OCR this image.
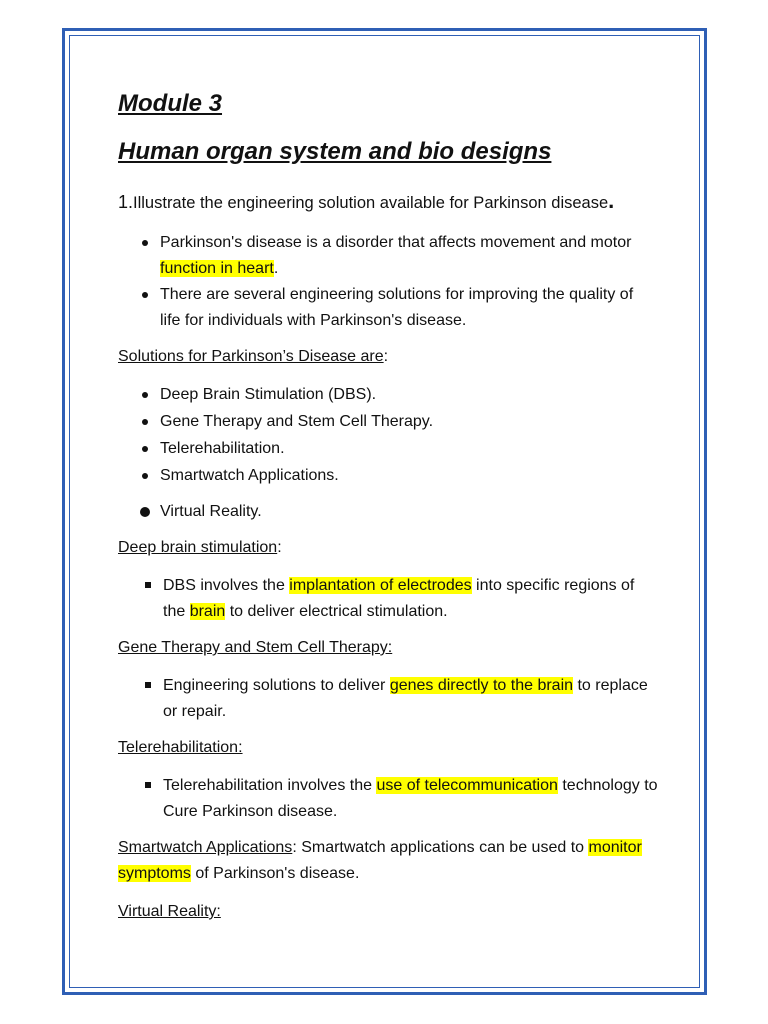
Module 3
Human organ system and bio designs

1.Illustrate the engineering solution available for Parkinson disease.

Parkinson's disease is a disorder that affects movement and motor function in heart.
There are several engineering solutions for improving the quality of life for individuals with Parkinson's disease.

Solutions for Parkinson’s Disease are:

Deep Brain Stimulation (DBS).
Gene Therapy and Stem Cell Therapy.
Telerehabilitation.
Smartwatch Applications.
Virtual Reality.

Deep brain stimulation:

DBS involves the implantation of electrodes into specific regions of the brain to deliver electrical stimulation.

Gene Therapy and Stem Cell Therapy:

Engineering solutions to deliver genes directly to the brain to replace or repair.

Telerehabilitation:

Telerehabilitation involves the use of telecommunication technology to Cure Parkinson disease.

Smartwatch Applications: Smartwatch applications can be used to monitor symptoms of Parkinson's disease.

Virtual Reality:
